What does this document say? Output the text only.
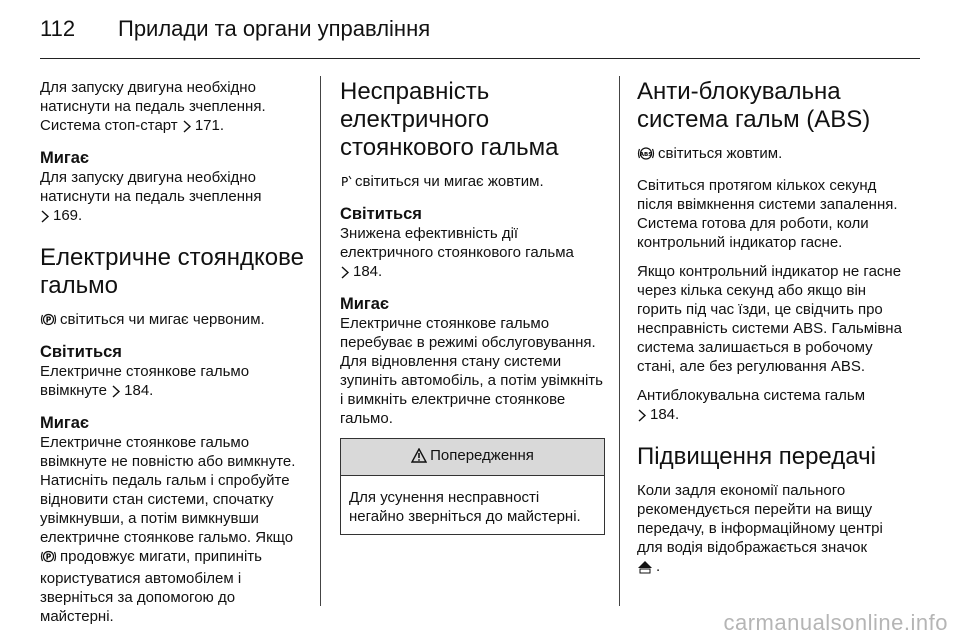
112 Прилади та органи управління

Для запуску двигуна необхідно натиснути на педаль зчеплення. Система стоп-старт 171.

Мигає

Для запуску двигуна необхідно натиснути на педаль зчеплення
169.

Електричне стояндкове гальмо

P світиться чи мигає червоним.

Світиться

Електричне стоянкове гальмо ввімкнуте 184.

Мигає

Електричне стоянкове гальмо ввімкнуте не повністю або вимкнуте. Натисніть педаль гальм і спробуйте відновити стан системи, спочатку увімкнувши, а потім вимкнувши електричне стоянкове гальмо. Якщо
P продовжує мигати, припиніть користуватися автомобілем і зверніться за допомогою до майстерні.

Несправність електричного стоянкового гальма

P світиться чи мигає жовтим.

Світиться

Знижена ефективність дії електричного стоянкового гальма
184.

Мигає

Електричне стоянкове гальмо перебуває в режимі обслуговування. Для відновлення стану системи зупиніть автомобіль, а потім увімкніть і вимкніть електричне стоянкове гальмо.

Попередження
Для усунення несправності негайно зверніться до майстерні.
Анти-блокувальна система гальм (ABS)

ABS світиться жовтим.

Світиться протягом кількох секунд після ввімкнення системи запалення. Система готова для роботи, коли контрольний індикатор гасне.

Якщо контрольний індикатор не гасне через кілька секунд або якщо він горить під час їзди, це свідчить про несправність системи ABS. Гальмівна система залишається в робочому стані, але без регулювання ABS.

Антиблокувальна система гальм
184.

Підвищення передачі

Коли задля економії пального рекомендується перейти на вищу передачу, в інформаційному центрі для водія відображається значок
.

carmanualsonline.info
